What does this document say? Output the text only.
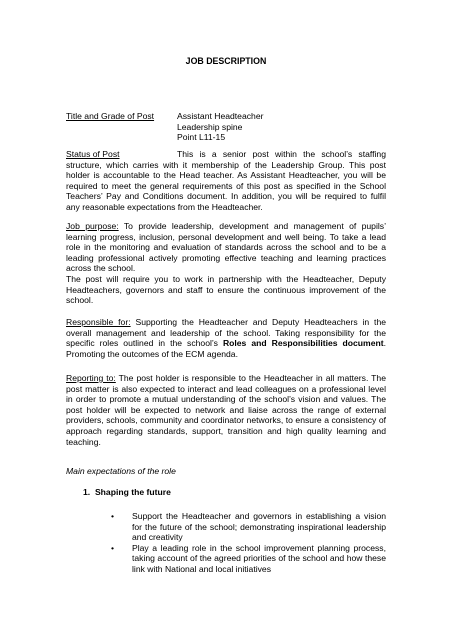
JOB DESCRIPTION
Title and Grade of Post	Assistant Headteacher
Leadership spine
Point L11-15
Status of Post	This is a senior post within the school’s staffing structure, which carries with it membership of the Leadership Group. This post holder is accountable to the Head teacher. As Assistant Headteacher, you will be required to meet the general requirements of this post as specified in the School Teachers’ Pay and Conditions document. In addition, you will be required to fulfil any reasonable expectations from the Headteacher.

Job purpose: To provide leadership, development and management of pupils’ learning progress, inclusion, personal development and well being. To take a lead role in the monitoring and evaluation of standards across the school and to be a leading professional actively promoting effective teaching and learning practices across the school.

The post will require you to work in partnership with the Headteacher, Deputy Headteachers, governors and staff to ensure the continuous improvement of the school.

Responsible for: Supporting the Headteacher and Deputy Headteachers in the overall management and leadership of the school. Taking responsibility for the specific roles outlined in the school’s Roles and Responsibilities document. Promoting the outcomes of the ECM agenda.

Reporting to: The post holder is responsible to the Headteacher in all matters. The post matter is also expected to interact and lead colleagues on a professional level in order to promote a mutual understanding of the school’s vision and values. The post holder will be expected to network and liaise across the range of external providers, schools, community and coordinator networks, to ensure a consistency of approach regarding standards, support, transition and high quality learning and teaching.

Main expectations of the role
1. Shaping the future
• Support the Headteacher and governors in establishing a vision for the future of the school; demonstrating inspirational leadership and creativity
• Play a leading role in the school improvement planning process, taking account of the agreed priorities of the school and how these link with National and local initiatives
